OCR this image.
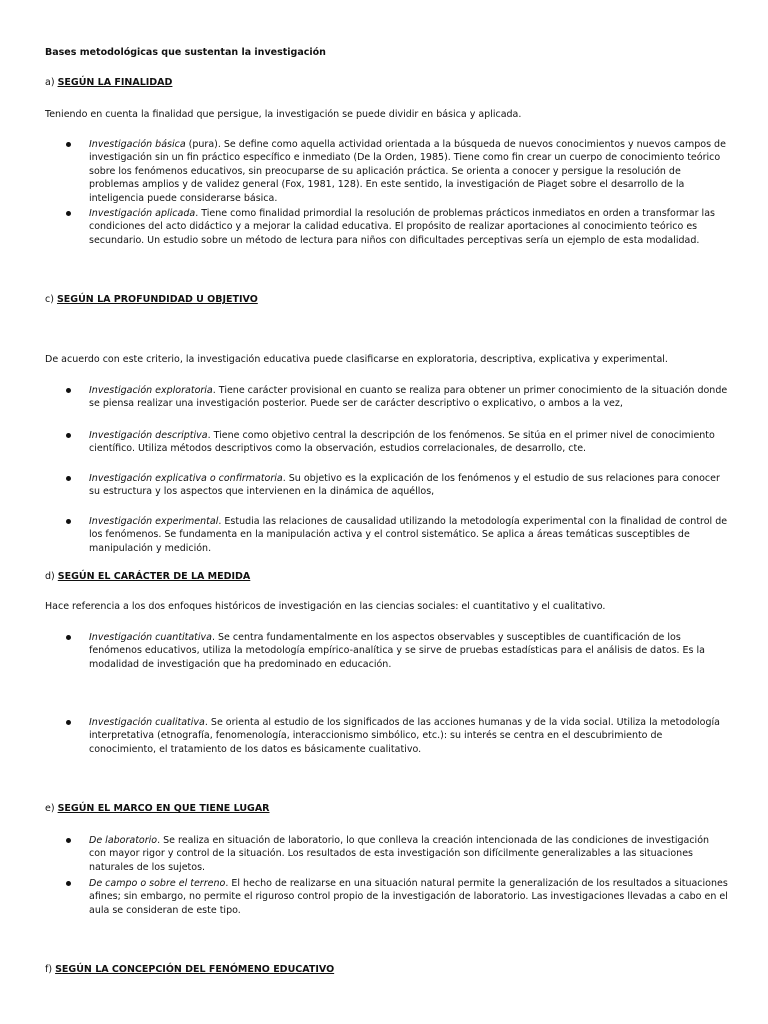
Bases metodológicas que sustentan la investigación
a) SEGÚN LA FINALIDAD
Teniendo en cuenta la finalidad que persigue, la investigación se puede dividir en básica y aplicada.
Investigación básica (pura). Se define como aquella actividad orientada a la búsqueda de nuevos conocimientos y nuevos campos de investigación sin un fin práctico específico e inmediato (De la Orden, 1985). Tiene como fin crear un cuerpo de conocimiento teórico sobre los fenómenos educativos, sin preocuparse de su aplicación práctica. Se orienta a conocer y persigue la resolución de problemas amplios y de validez general (Fox, 1981, 128). En este sentido, la investigación de Piaget sobre el desarrollo de la inteligencia puede considerarse básica.
Investigación aplicada. Tiene como finalidad primordial la resolución de problemas prácticos inmediatos en orden a transformar las condiciones del acto didáctico y a mejorar la calidad educativa. El propósito de realizar aportaciones al conocimiento teórico es secundario. Un estudio sobre un método de lectura para niños con dificultades perceptivas sería un ejemplo de esta modalidad.
c) SEGÚN LA PROFUNDIDAD U OBJETIVO
De acuerdo con este criterio, la investigación educativa puede clasificarse en exploratoria, descriptiva, explicativa y experimental.
Investigación exploratoria. Tiene carácter provisional en cuanto se realiza para obtener un primer conocimiento de la situación donde se piensa realizar una investigación posterior. Puede ser de carácter descriptivo o explicativo, o ambos a la vez,
Investigación descriptiva. Tiene como objetivo central la descripción de los fenómenos. Se sitúa en el primer nivel de conocimiento científico. Utiliza métodos descriptivos como la observación, estudios correlacionales, de desarrollo, cte.
Investigación explicativa o confirmatoria. Su objetivo es la explicación de los fenómenos y el estudio de sus relaciones para conocer su estructura y los aspectos que intervienen en la dinámica de aquéllos,
Investigación experimental. Estudia las relaciones de causalidad utilizando la metodología experimental con la finalidad de control de los fenómenos. Se fundamenta en la manipulación activa y el control sistemático. Se aplica a áreas temáticas susceptibles de manipulación y medición.
d) SEGÚN EL CARÁCTER DE LA MEDIDA
Hace referencia a los dos enfoques históricos de investigación en las ciencias sociales: el cuantitativo y el cualitativo.
Investigación cuantitativa. Se centra fundamentalmente en los aspectos observables y susceptibles de cuantificación de los fenómenos educativos, utiliza la metodología empírico-analítica y se sirve de pruebas estadísticas para el análisis de datos. Es la modalidad de investigación que ha predominado en educación.
Investigación cualitativa. Se orienta al estudio de los significados de las acciones humanas y de la vida social. Utiliza la metodología interpretativa (etnografía, fenomenología, interaccionismo simbólico, etc.): su interés se centra en el descubrimiento de conocimiento, el tratamiento de los datos es básicamente cualitativo.
e) SEGÚN EL MARCO EN QUE TIENE LUGAR
De laboratorio. Se realiza en situación de laboratorio, lo que conlleva la creación intencionada de las condiciones de investigación con mayor rigor y control de la situación. Los resultados de esta investigación son difícilmente generalizables a las situaciones naturales de los sujetos.
De campo o sobre el terreno. El hecho de realizarse en una situación natural permite la generalización de los resultados a situaciones afines; sin embargo, no permite el riguroso control propio de la investigación de laboratorio. Las investigaciones llevadas a cabo en el aula se consideran de este tipo.
f) SEGÚN LA CONCEPCIÓN DEL FENÓMENO EDUCATIVO
